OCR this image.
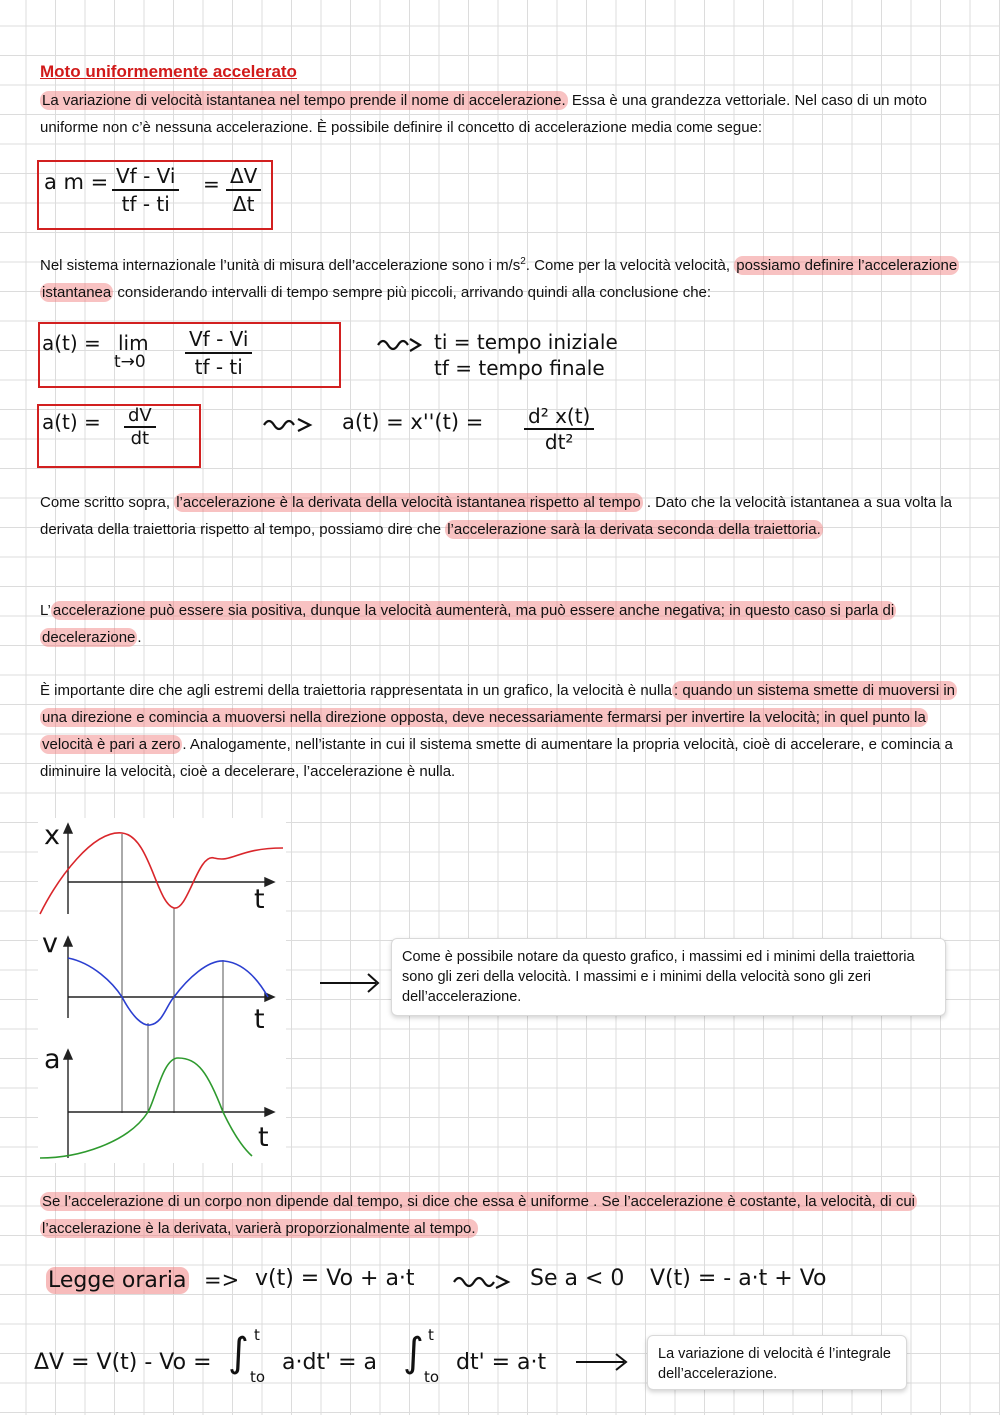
Moto uniformemente accelerato
La variazione di velocità istantanea nel tempo prende il nome di accelerazione. Essa è una grandezza vettoriale. Nel caso di un moto uniforme non c’è nessuna accelerazione. È possibile definire il concetto di accelerazione media come segue:
a $m = \frac{Vf - Vi}{tf - ti} = \frac{\Delta V}{\Delta t}$
Nel sistema internazionale l’unità di misura dell’accelerazione sono i $m/s^2$. Come per la velocità velocità, possiamo definire l’accelerazione istantanea considerando intervalli di tempo sempre più piccoli, arrivando quindi alla conclusione che:
a(t) = lim
$t\to 0 \frac{Vf - Vi}{tf - ti}$	ti = tempo iniziale
tf = tempo finale
$a(t) = \frac{dV}{dt}$	$a(t) = x''(t) = \frac{\text{d² x(t)}}{\text{dt²}}$
Come scritto sopra, l’accelerazione è la derivata della velocità istantanea rispetto al tempo . Dato che la velocità istantanea a sua volta la derivata della traiettoria rispetto al tempo, possiamo dire che l’accelerazione sarà la derivata seconda della traiettoria.
L’ accelerazione può essere sia positiva, dunque la velocità aumenterà, ma può essere anche negativa; in questo caso si parla di decelerazione .
È importante dire che agli estremi della traiettoria rappresentata in un grafico, la velocità è nulla : quando un sistema smette di muoversi in una direzione e comincia a muoversi nella direzione opposta, deve necessariamente fermarsi per invertire la velocità; in quel punto la velocità è pari a zero . Analogamente, nell’istante in cui il sistema smette di aumentare la propria velocità, cioè di accelerare, e comincia a diminuire la velocità, cioè a decelerare, l’accelerazione è nulla.
x
t
v
t
a
t
Come è possibile notare da questo grafico, i massimi ed i minimi della traiettoria sono gli zeri della velocità. I massimi e i minimi della velocità sono gli zeri dell’accelerazione.
Se l’accelerazione di un corpo non dipende dal tempo, si dice che essa è uniforme . Se l’accelerazione è costante, la velocità, di cui l’accelerazione è la derivata, varierà proporzionalmente al tempo.
Legge oraria => v(t) = Vo + a·t	Se a < 0 V(t) = - a·t + Vo
ΔV = V(t) - Vo = ∫ t
to
a·dt' = a ∫ t
to
dt' = a·t	La variazione di velocità é l’integrale dell’accelerazione.
